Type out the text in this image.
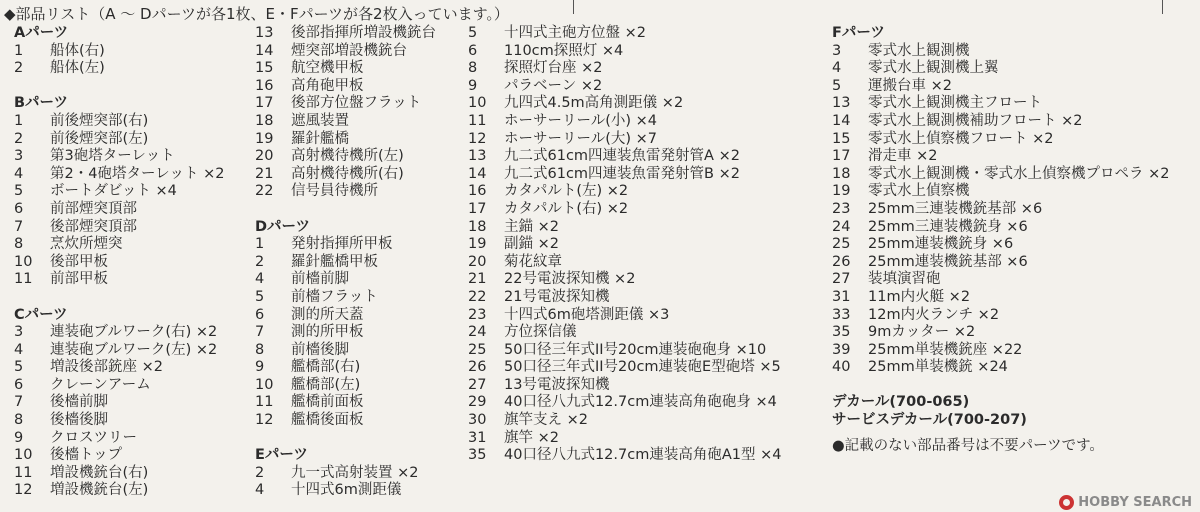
◆部品リスト（A ～ Dパーツが各1枚、E・Fパーツが各2枚入っています。）
Aパーツ
1	船体(右)
2	船体(左)
Bパーツ
1	前後煙突部(右)
2	前後煙突部(左)
3	第3砲塔ターレット
4	第2・4砲塔ターレット ×2
5	ボートダビット ×4
6	前部煙突頂部
7	後部煙突頂部
8	烹炊所煙突
10	後部甲板
11	前部甲板
Cパーツ
3	連装砲ブルワーク(右) ×2
4	連装砲ブルワーク(左) ×2
5	増設後部銃座 ×2
6	クレーンアーム
7	後檣前脚
8	後檣後脚
9	クロスツリー
10	後檣トップ
11	増設機銃台(右)
12	増設機銃台(左)
13	後部指揮所増設機銃台
14	煙突部増設機銃台
15	航空機甲板
16	高角砲甲板
17	後部方位盤フラット
18	遮風装置
19	羅針艦橋
20	高射機待機所(左)
21	高射機待機所(右)
22	信号員待機所
Dパーツ
1	発射指揮所甲板
2	羅針艦橋甲板
4	前檣前脚
5	前檣フラット
6	測的所天蓋
7	測的所甲板
8	前檣後脚
9	艦橋部(右)
10	艦橋部(左)
11	艦橋前面板
12	艦橋後面板
Eパーツ
2	九一式高射装置 ×2
4	十四式6m測距儀
5	十四式主砲方位盤 ×2
6	110cm探照灯 ×4
8	探照灯台座 ×2
9	パラベーン ×2
10	九四式4.5m高角測距儀 ×2
11	ホーサーリール(小) ×4
12	ホーサーリール(大) ×7
13	九二式61cm四連装魚雷発射管A ×2
14	九二式61cm四連装魚雷発射管B ×2
16	カタパルト(左) ×2
17	カタパルト(右) ×2
18	主錨 ×2
19	副錨 ×2
20	菊花紋章
21	22号電波探知機 ×2
22	21号電波探知機
23	十四式6m砲塔測距儀 ×3
24	方位探信儀
25	50口径三年式II号20cm連装砲砲身 ×10
26	50口径三年式II号20cm連装砲E型砲塔 ×5
27	13号電波探知機
29	40口径八九式12.7cm連装高角砲砲身 ×4
30	旗竿支え ×2
31	旗竿 ×2
35	40口径八九式12.7cm連装高角砲A1型 ×4
Fパーツ
3	零式水上観測機
4	零式水上観測機上翼
5	運搬台車 ×2
13	零式水上観測機主フロート
14	零式水上観測機補助フロート ×2
15	零式水上偵察機フロート ×2
17	滑走車 ×2
18	零式水上観測機・零式水上偵察機プロペラ ×2
19	零式水上偵察機
23	25mm三連装機銃基部 ×6
24	25mm三連装機銃身 ×6
25	25mm連装機銃身 ×6
26	25mm連装機銃基部 ×6
27	装填演習砲
31	11m内火艇 ×2
33	12m内火ランチ ×2
35	9mカッター ×2
39	25mm単装機銃座 ×22
40	25mm単装機銃 ×24
デカール(700-065)
サービスデカール(700-207)
●記載のない部品番号は不要パーツです。
HOBBY SEARCH
